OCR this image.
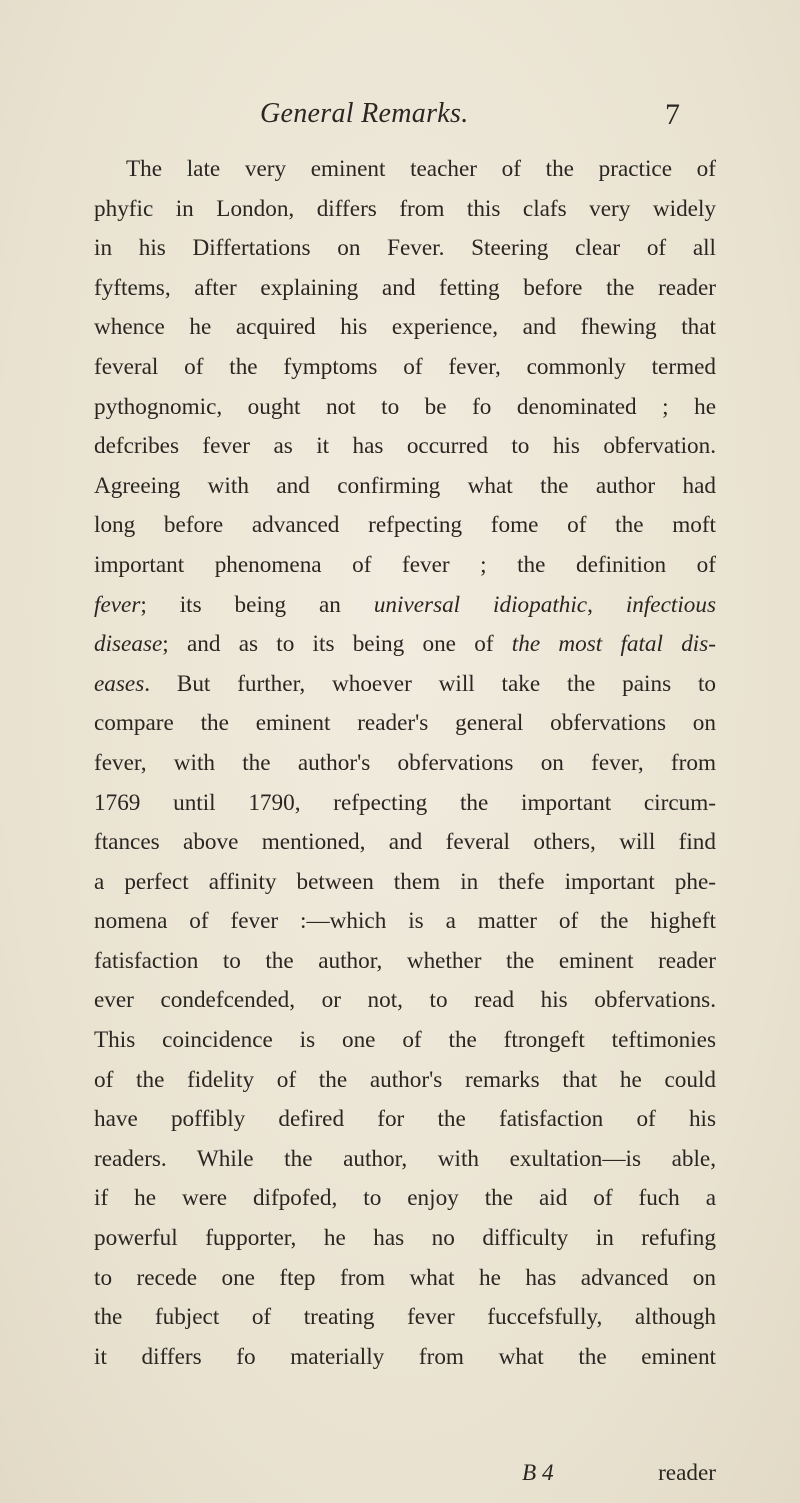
General Remarks.	7
The late very eminent teacher of the practice of
phyfic in London, differs from this clafs very widely
in his Differtations on Fever. Steering clear of all
fyftems, after explaining and fetting before the reader
whence he acquired his experience, and fhewing that
feveral of the fymptoms of fever, commonly termed
pythognomic, ought not to be fo denominated ; he
defcribes fever as it has occurred to his obfervation.
Agreeing with and confirming what the author had
long before advanced refpecting fome of the moft
important phenomena of fever ; the definition of
fever; its being an universal idiopathic, infectious
disease; and as to its being one of the most fatal dis-
eases. But further, whoever will take the pains to
compare the eminent reader's general obfervations on
fever, with the author's obfervations on fever, from
1769 until 1790, refpecting the important circum-
ftances above mentioned, and feveral others, will find
a perfect affinity between them in thefe important phe-
nomena of fever :—which is a matter of the higheft
fatisfaction to the author, whether the eminent reader
ever condefcended, or not, to read his obfervations.
This coincidence is one of the ftrongeft teftimonies
of the fidelity of the author's remarks that he could
have poffibly defired for the fatisfaction of his
readers. While the author, with exultation—is able,
if he were difpofed, to enjoy the aid of fuch a
powerful fupporter, he has no difficulty in refufing
to recede one ftep from what he has advanced on
the fubject of treating fever fuccefsfully, although
it differs fo materially from what the eminent
B 4	reader
